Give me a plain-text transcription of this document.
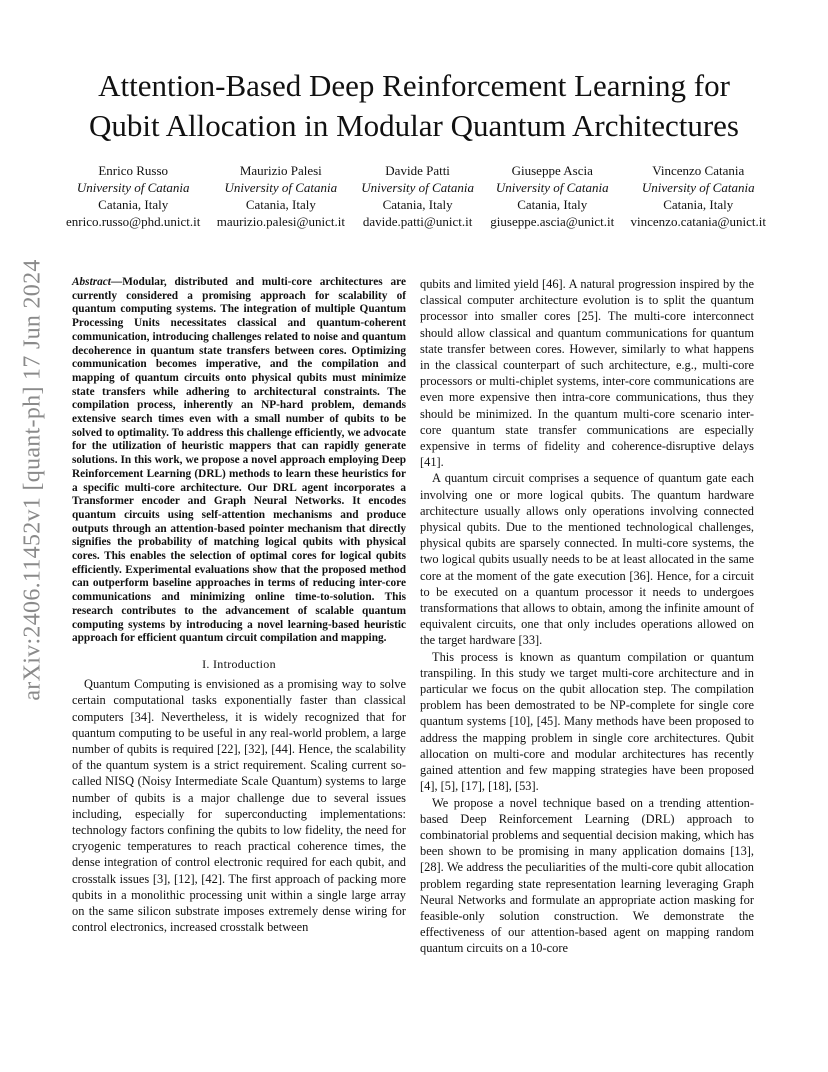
arXiv:2406.11452v1 [quant-ph] 17 Jun 2024
Attention-Based Deep Reinforcement Learning for
Qubit Allocation in Modular Quantum Architectures
Enrico Russo
University of Catania
Catania, Italy
enrico.russo@phd.unict.it
Maurizio Palesi
University of Catania
Catania, Italy
maurizio.palesi@unict.it
Davide Patti
University of Catania
Catania, Italy
davide.patti@unict.it
Giuseppe Ascia
University of Catania
Catania, Italy
giuseppe.ascia@unict.it
Vincenzo Catania
University of Catania
Catania, Italy
vincenzo.catania@unict.it

Abstract—Modular, distributed and multi-core architectures are currently considered a promising approach for scalability of quantum computing systems. The integration of multiple Quantum Processing Units necessitates classical and quantum-coherent communication, introducing challenges related to noise and quantum decoherence in quantum state transfers between cores. Optimizing communication becomes imperative, and the compilation and mapping of quantum circuits onto physical qubits must minimize state transfers while adhering to architectural constraints. The compilation process, inherently an NP-hard problem, demands extensive search times even with a small number of qubits to be solved to optimality. To address this challenge efficiently, we advocate for the utilization of heuristic mappers that can rapidly generate solutions. In this work, we propose a novel approach employing Deep Reinforcement Learning (DRL) methods to learn these heuristics for a specific multi-core architecture. Our DRL agent incorporates a Transformer encoder and Graph Neural Networks. It encodes quantum circuits using self-attention mechanisms and produce outputs through an attention-based pointer mechanism that directly signifies the probability of matching logical qubits with physical cores. This enables the selection of optimal cores for logical qubits efficiently. Experimental evaluations show that the proposed method can outperform baseline approaches in terms of reducing inter-core communications and minimizing online time-to-solution. This research contributes to the advancement of scalable quantum computing systems by introducing a novel learning-based heuristic approach for efficient quantum circuit compilation and mapping.

I. Introduction

Quantum Computing is envisioned as a promising way to solve certain computational tasks exponentially faster than classical computers [34]. Nevertheless, it is widely recognized that for quantum computing to be useful in any real-world problem, a large number of qubits is required [22], [32], [44]. Hence, the scalability of the quantum system is a strict requirement. Scaling current so-called NISQ (Noisy Intermediate Scale Quantum) systems to large number of qubits is a major challenge due to several issues including, especially for superconducting implementations: technology factors confining the qubits to low fidelity, the need for cryogenic temperatures to reach practical coherence times, the dense integration of control electronic required for each qubit, and crosstalk issues [3], [12], [42]. The first approach of packing more qubits in a monolithic processing unit within a single large array on the same silicon substrate imposes extremely dense wiring for control electronics, increased crosstalk between

qubits and limited yield [46]. A natural progression inspired by the classical computer architecture evolution is to split the quantum processor into smaller cores [25]. The multi-core interconnect should allow classical and quantum communications for quantum state transfer between cores. However, similarly to what happens in the classical counterpart of such architecture, e.g., multi-core processors or multi-chiplet systems, inter-core communications are even more expensive then intra-core communications, thus they should be minimized. In the quantum multi-core scenario inter-core quantum state transfer communications are especially expensive in terms of fidelity and coherence-disruptive delays [41].

A quantum circuit comprises a sequence of quantum gate each involving one or more logical qubits. The quantum hardware architecture usually allows only operations involving connected physical qubits. Due to the mentioned technological challenges, physical qubits are sparsely connected. In multi-core systems, the two logical qubits usually needs to be at least allocated in the same core at the moment of the gate execution [36]. Hence, for a circuit to be executed on a quantum processor it needs to undergoes transformations that allows to obtain, among the infinite amount of equivalent circuits, one that only includes operations allowed on the target hardware [33].

This process is known as quantum compilation or quantum transpiling. In this study we target multi-core architecture and in particular we focus on the qubit allocation step. The compilation problem has been demostrated to be NP-complete for single core quantum systems [10], [45]. Many methods have been proposed to address the mapping problem in single core architectures. Qubit allocation on multi-core and modular architectures has recently gained attention and few mapping strategies have been proposed [4], [5], [17], [18], [53].

We propose a novel technique based on a trending attention-based Deep Reinforcement Learning (DRL) approach to combinatorial problems and sequential decision making, which has been shown to be promising in many application domains [13], [28]. We address the peculiarities of the multi-core qubit allocation problem regarding state representation learning leveraging Graph Neural Networks and formulate an appropriate action masking for feasible-only solution construction. We demonstrate the effectiveness of our attention-based agent on mapping random quantum circuits on a 10-core
